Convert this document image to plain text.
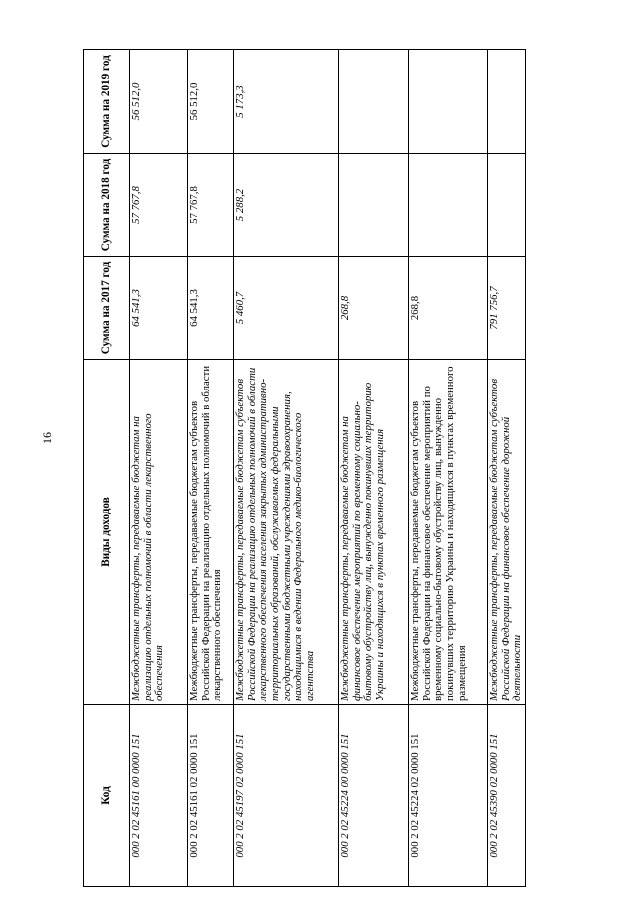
16
Код	Виды доходов	Сумма на 2017 год	Сумма на 2018 год	Сумма на 2019 год
000 2 02 45161 00 0000 151	Межбюджетные трансферты, передаваемые бюджетам на реализацию отдельных полномочий в области лекарственного обеспечения	64 541,3	57 767,8	56 512,0
000 2 02 45161 02 0000 151	Межбюджетные трансферты, передаваемые бюджетам субъектов Российской Федерации на реализацию отдельных полномочий в области лекарственного обеспечения	64 541,3	57 767,8	56 512,0
000 2 02 45197 02 0000 151	Межбюджетные трансферты, передаваемые бюджетам субъектов Российской Федерации на реализацию отдельных полномочий в области лекарственного обеспечения населения закрытых административно-территориальных образований, обслуживаемых федеральными государственными бюджетными учреждениями здравоохранения, находящимися в ведении Федерального медико-биологического агентства	5 460,7	5 288,2	5 173,3
000 2 02 45224 00 0000 151	Межбюджетные трансферты, передаваемые бюджетам на финансовое обеспечение мероприятий по временному социально-бытовому обустройству лиц, вынужденно покинувших территорию Украины и находящихся в пунктах временного размещения	268,8		
000 2 02 45224 02 0000 151	Межбюджетные трансферты, передаваемые бюджетам субъектов Российской Федерации на финансовое обеспечение мероприятий по временному социально-бытовому обустройству лиц, вынужденно покинувших территорию Украины и находящихся в пунктах временного размещения	268,8		
000 2 02 45390 02 0000 151	Межбюджетные трансферты, передаваемые бюджетам субъектов Российской Федерации на финансовое обеспечение дорожной деятельности	791 756,7		
